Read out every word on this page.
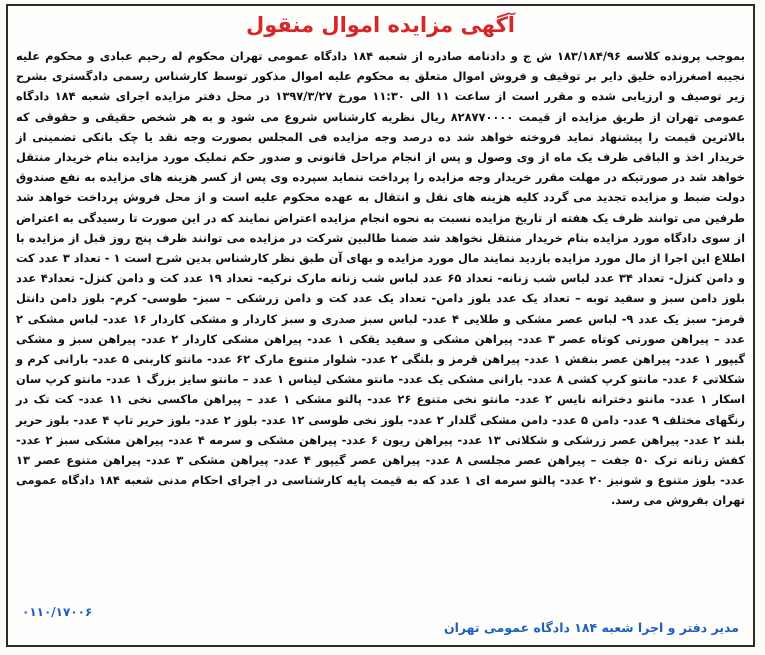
آگهی مزایده اموال منقول
بموجب پرونده کلاسه ۱۸۳/۱۸۴/۹۶ ش ج و دادنامه صادره از شعبه ۱۸۴ دادگاه عمومی تهران محکوم له رحیم عبادی و محکوم علیه نجیبه اصغرزاده خلیق دایر بر توقیف و فروش اموال متعلق به محکوم علیه اموال مذکور توسط کارشناس رسمی دادگستری بشرح زیر توصیف و ارزیابی شده و مقرر است از ساعت ۱۱ الی ۱۱:۳۰ مورخ ۱۳۹۷/۳/۲۷ در محل دفتر مزایده اجرای شعبه ۱۸۴ دادگاه عمومی تهران از طریق مزایده از قیمت ۸۲۸۷۷۰۰۰۰ ریال نظریه کارشناس شروع می شود و به هر شخص حقیقی و حقوقی که بالاترین قیمت را پیشنهاد نماید فروخته خواهد شد ده درصد وجه مزایده فی المجلس بصورت وجه نقد یا چک بانکی تضمینی از خریدار اخذ و الباقی ظرف یک ماه از وی وصول و پس از انجام مراحل قانونی و صدور حکم تملیک مورد مزایده بنام خریدار منتقل خواهد شد در صورتیکه در مهلت مقرر خریدار وجه مزایده را پرداخت ننماید سپرده وی پس از کسر هزینه های مزایده به نفع صندوق دولت ضبط و مزایده تجدید می گردد کلیه هزینه های نقل و انتقال به عهده محکوم علیه است و از محل فروش پرداخت خواهد شد طرفین می توانند ظرف یک هفته از تاریخ مزایده نسبت به نحوه انجام مزایده اعتراض نمایند که در این صورت تا رسیدگی به اعتراض از سوی دادگاه مورد مزایده بنام خریدار منتقل نخواهد شد ضمنا طالبین شرکت در مزایده می توانند ظرف پنج روز قبل از مزایده با اطلاع این اجرا از مال مورد مزایده بازدید نمایند مال مورد مزایده و بهای آن طبق نظر کارشناس بدین شرح است ۱ - تعداد ۳ عدد کت و دامن کنزل- تعداد ۳۴ عدد لباس شب زنانه- تعداد ۶۵ عدد لباس شب زنانه مارک ترکیه- تعداد ۱۹ عدد کت و دامن کنزل- تعداد۴ عدد بلوز دامن سبز و سفید توبه – تعداد یک عدد بلوز دامن- تعداد یک عدد کت و دامن زرشکی – سبز- طوسی- کرم- بلوز دامن دانتل قرمز- سبز یک عدد ۹- لباس عصر مشکی و طلایی ۴ عدد- لباس سبز صدری و سبز کاردار و مشکی کاردار ۱۶ عدد- لباس مشکی ۲ عدد – پیراهن صورتی کوتاه عصر ۳ عدد- پیراهن مشکی و سفید یقکی ۱ عدد- پیراهن مشکی کاردار ۲ عدد- پیراهن سبز و مشکی گیپور ۱ عدد- پیراهن عصر بنفش ۱ عدد- پیراهن قرمز و بلنگی ۲ عدد- شلوار متنوع مارک ۶۲ عدد- مانتو کاربنی ۵ عدد- بارانی کرم و شکلاتی ۶ عدد- مانتو کرپ کشی ۸ عدد- بارانی مشکی یک عدد- مانتو مشکی لیناس ۱ عدد – مانتو سایز بزرگ ۱ عدد- مانتو کرپ سان اسکار ۱ عدد- مانتو دخترانه نایس ۲ عدد- مانتو نخی متنوع ۲۶ عدد- پالتو مشکی ۱ عدد – پیراهن ماکسی نخی ۱۱ عدد- کت تک در رنگهای مختلف ۹ عدد- دامن ۵ عدد- دامن مشکی گلدار ۲ عدد- بلوز نخی طوسی ۱۲ عدد- بلوز ۲ عدد- بلوز حریر تاپ ۴ عدد- بلوز حریر بلند ۲ عدد- پیراهن عصر زرشکی و شکلاتی ۱۳ عدد- پیراهن ریون ۶ عدد- پیراهن مشکی و سرمه ۴ عدد- پیراهن مشکی سبز ۲ عدد- کفش زنانه ترک ۵۰ جفت – پیراهن عصر مجلسی ۸ عدد- پیراهن عصر گیپور ۴ عدد- پیراهن مشکی ۳ عدد- پیراهن متنوع عصر ۱۳ عدد- بلوز متنوع و شونیز ۲۰ عدد- پالتو سرمه ای ۱ عدد که به قیمت پایه کارشناسی در اجرای احکام مدنی شعبه ۱۸۴ دادگاه عمومی تهران بفروش می رسد.
۰۱۱۰/۱۷۰۰۶
مدیر دفتر و اجرا شعبه ۱۸۴ دادگاه عمومی تهران
